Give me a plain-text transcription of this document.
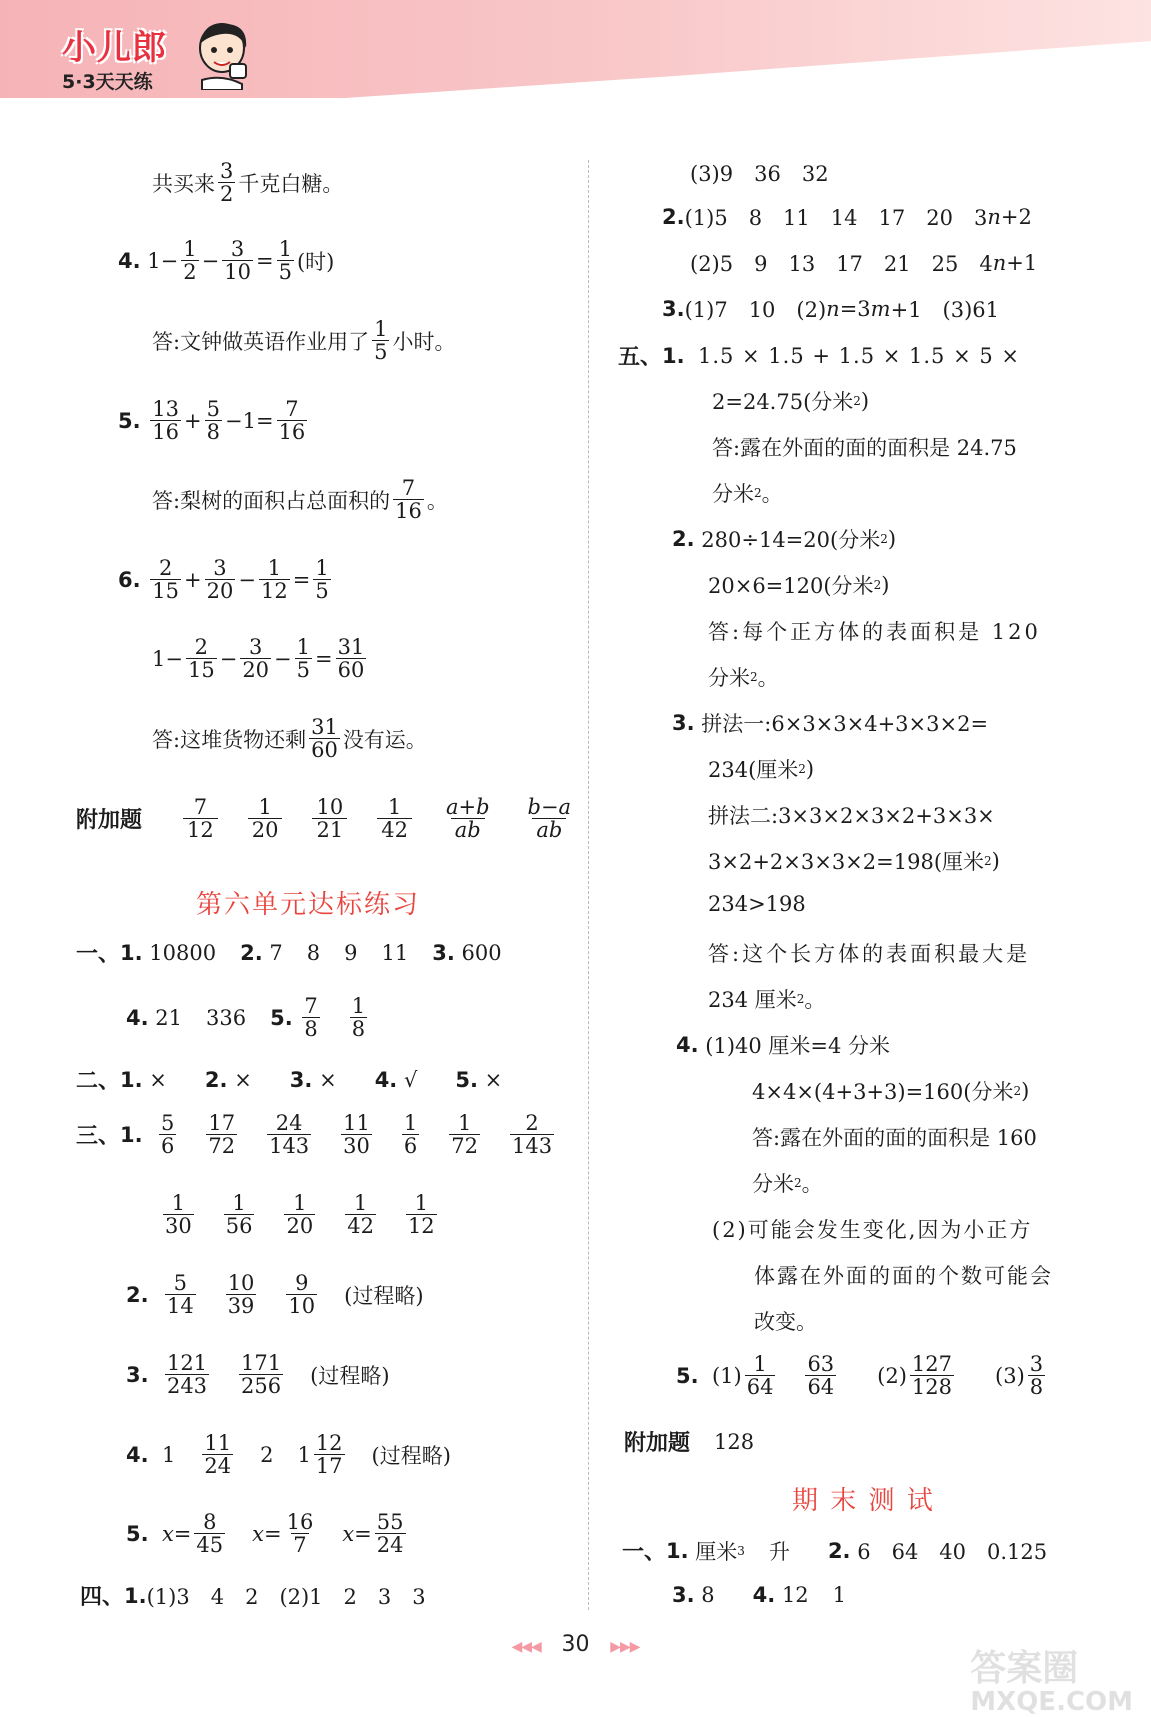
小儿郎
5·3天天练
共买来 $\frac{3}{2}$ 千克白糖。
4.
$1- \frac{1}{2} - \frac{3}{10} = \frac{1}{5}$ (时)
答:文钟做英语作业用了 $\frac{1}{5}$ 小时。
5.
$\frac{13}{16} + \frac{5}{8} -1= \frac{7}{16}$
答:梨树的面积占总面积的 $\frac{7}{16}$ 。
6.
$\frac{2}{15} + \frac{3}{20} - \frac{1}{12} = \frac{1}{5}$
$1- \frac{2}{15} - \frac{3}{20} - \frac{1}{5} = \frac{31}{60}$
答:这堆货物还剩 $\frac{31}{60}$ 没有运。
附加题 $\frac{7}{12} \frac{1}{20} \frac{10}{21} \frac{1}{42} \frac{a+b}{ab} \frac{b-a}{ab}$
第六单元达标练习
一、 1.
10800 2.
7 8 9 11 3.
600
4.
21 336 5.
$\frac{7}{8} \frac{1}{8}$
二、 1.
× 2.
× 3.
× 4.
√ 5.
×
三、 1.
$\frac{5}{6} \frac{17}{72} \frac{24}{143} \frac{11}{30} \frac{1}{6} \frac{1}{72} \frac{2}{143}$
$\frac{1}{30} \frac{1}{56} \frac{1}{20} \frac{1}{42} \frac{1}{12}$
2.
$\frac{5}{14} \frac{10}{39} \frac{9}{10}$ (过程略)
3.
$\frac{121}{243} \frac{171}{256}$ (过程略)
4.
$1 \frac{11}{24} 2$ $1 \frac{12}{17}$ (过程略)
5.
$x = \frac{8}{45}$ $x = \frac{16}{7}$ $x = \frac{55}{24}$
四、 1. (1)3　4　2　(2)1　2　3　3
(3)9　36　32
2. (1)5　8　11　14　17　20　3 n +2
(2)5　9　13　17　21　25　4 n +1
3. (1)7　10　(2) n =3 m +1　(3)61
五、 1.
1.5 × 1.5 + 1.5 × 1.5 × 5 ×
2=24.75(分米 2 )
答:露在外面的面的面积是 24.75
分米 2 。
2.
280÷14=20(分米 2 )
20×6=120(分米 2 )
答:每个正方体的表面积是 120
分米 2 。
3.
拼法一:6×3×3×4+3×3×2=
234(厘米 2 )
拼法二:3×3×2×3×2+3×3×
3×2+2×3×3×2=198(厘米 2 )
234>198
答:这个长方体的表面积最大是
234 厘米 2 。
4.
(1)40 厘米=4 分米
4×4×(4+3+3)=160(分米 2 )
答:露在外面的面的面积是 160
分米 2 。
(2)可能会发生变化,因为小正方
体露在外面的面的个数可能会
改变。
5.
$(1) \frac{1}{64} \frac{63}{64} (2) \frac{127}{128} (3) \frac{3}{8}$
附加题 128
期 末 测 试
一、 1.
厘米 3 升 2.
6　64　40　0.125
3.
8 4.
12 1
◀◀◀ 30 ▶▶▶
答案圈
MXQE.COM
